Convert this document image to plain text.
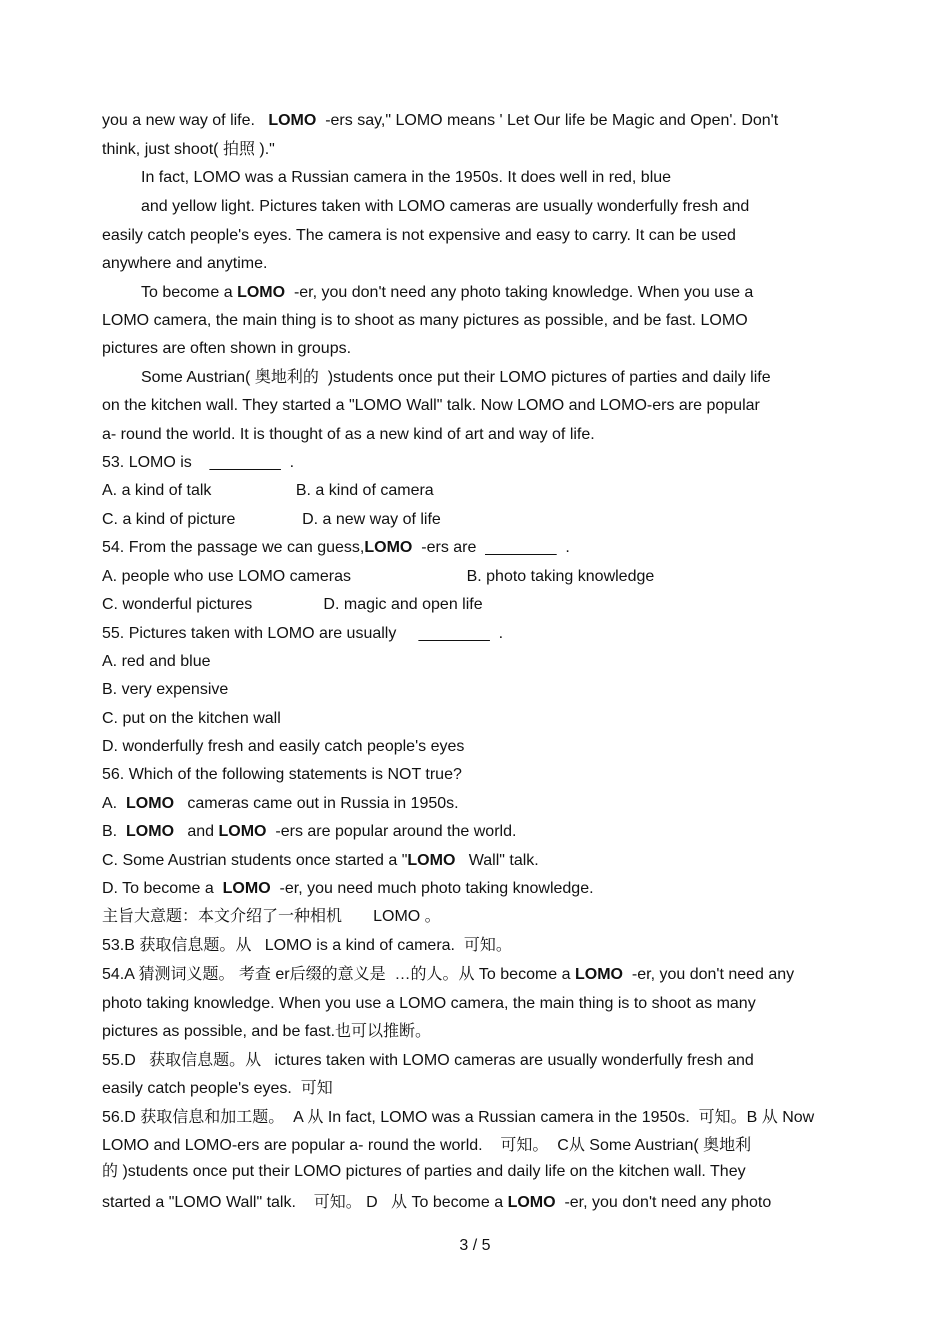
you a new way of life.   LOMO  -ers say," LOMO means ' Let Our life be Magic and Open'. Don't
think, just shoot( 拍照 )."
In fact, LOMO was a Russian camera in the 1950s. It does well in red, blue
and yellow light. Pictures taken with LOMO cameras are usually wonderfully fresh and
easily catch people's eyes. The camera is not expensive and easy to carry. It can be used
anywhere and anytime.
To become a LOMO  -er, you don't need any photo taking knowledge. When you use a
LOMO camera, the main thing is to shoot as many pictures as possible, and be fast. LOMO
pictures are often shown in groups.
Some Austrian( 奥地利的  )students once put their LOMO pictures of parties and daily life
on the kitchen wall. They started a "LOMO Wall" talk. Now LOMO and LOMO-ers are popular
a- round the world. It is thought of as a new kind of art and way of life.
53. LOMO is    ________  .
A. a kind of talk                   B. a kind of camera
C. a kind of picture               D. a new way of life
54. From the passage we can guess,LOMO  -ers are  ________  .
A. people who use LOMO cameras                          B. photo taking knowledge
C. wonderful pictures                D. magic and open life
55. Pictures taken with LOMO are usually     ________  .
A. red and blue
B. very expensive
C. put on the kitchen wall
D. wonderfully fresh and easily catch people's eyes
56. Which of the following statements is NOT true?
A.  LOMO   cameras came out in Russia in 1950s.
B.  LOMO   and LOMO  -ers are popular around the world.
C. Some Austrian students once started a "LOMO   Wall" talk.
D. To become a  LOMO  -er, you need much photo taking knowledge.
主旨大意题：本文介绍了一种相机       LOMO 。
53.B 获取信息题。从   LOMO is a kind of camera.  可知。
54.A 猜测词义题。 考查 er后缀的意义是  …的人。从 To become a LOMO  -er, you don't need any
photo taking knowledge. When you use a LOMO camera, the main thing is to shoot as many
pictures as possible, and be fast.也可以推断。
55.D   获取信息题。从   ictures taken with LOMO cameras are usually wonderfully fresh and
easily catch people's eyes.  可知
56.D 获取信息和加工题。  A 从 In fact, LOMO was a Russian camera in the 1950s.  可知。B 从 Now
LOMO and LOMO-ers are popular a- round the world.    可知。  C从 Some Austrian( 奥地利
的 )students once put their LOMO pictures of parties and daily life on the kitchen wall. They
started a "LOMO Wall" talk.    可知。 D   从 To become a LOMO  -er, you don't need any photo
3 / 5
